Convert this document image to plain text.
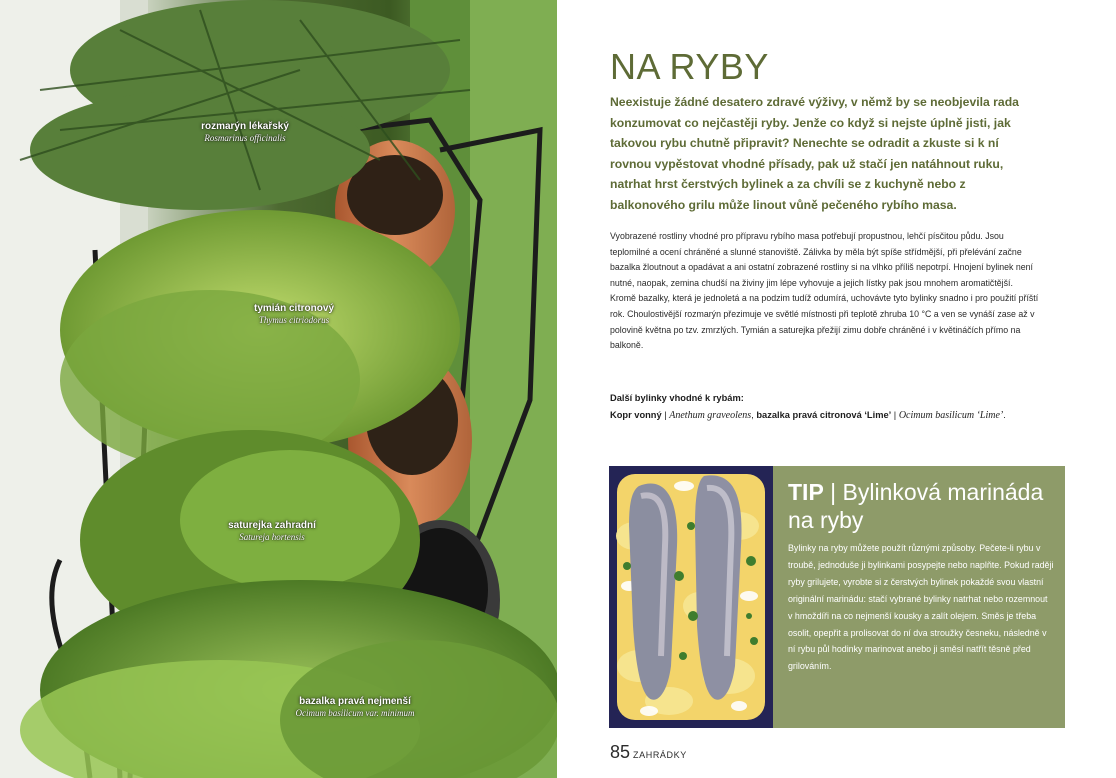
rozmarýn lékařský
Rosmarinus officinalis
tymián citronový
Thymus citriodorus
saturejka zahradní
Satureja hortensis
bazalka pravá nejmenší
Ocimum basilicum var. minimum
NA RYBY

Neexistuje žádné desatero zdravé výživy, v němž by se neobjevila rada konzumovat co nejčastěji ryby. Jenže co když si nejste úplně jisti, jak takovou rybu chutně připravit? Nenechte se odradit a zkuste si k ní rovnou vypěstovat vhodné přísady, pak už stačí jen natáhnout ruku, natrhat hrst čerstvých bylinek a za chvíli se z kuchyně nebo z balkonového grilu může linout vůně pečeného rybího masa.

Vyobrazené rostliny vhodné pro přípravu rybího masa potřebují propustnou, lehčí písčitou půdu. Jsou teplomilné a ocení chráněné a slunné stanoviště. Zálivka by měla být spíše střídmější, při přelévání začne bazalka žloutnout a opadávat a ani ostatní zobrazené rostliny si na vlhko příliš nepotrpí. Hnojení bylinek není nutné, naopak, zemina chudší na živiny jim lépe vyhovuje a jejich lístky pak jsou mnohem aromatičtější.

Kromě bazalky, která je jednoletá a na podzim tudíž odumírá, uchovávte tyto bylinky snadno i pro použití příští rok. Choulostivější rozmarýn přezimuje ve světlé místnosti při teplotě zhruba 10 °C a ven se vynáší zase až v polovině května po tzv. zmrzlých. Tymián a saturejka přežijí zimu dobře chráněné i v květináčích přímo na balkoně.

Další bylinky vhodné k rybám:
Kopr vonný | Anethum graveolens, bazalka pravá citronová ‘Lime’ | Ocimum basilicum ‘Lime’.
TIP | Bylinková marináda na ryby

Bylinky na ryby můžete použít různými způsoby. Pečete-li rybu v troubě, jednoduše ji bylinkami posypejte nebo naplňte. Pokud raději ryby grilujete, vyrobte si z čerstvých bylinek pokaždé svou vlastní originální marinádu: stačí vybrané bylinky natrhat nebo rozemnout v hmoždíři na co nejmenší kousky a zalít olejem. Směs je třeba osolit, opepřit a prolisovat do ní dva stroužky česneku, následně v ní rybu půl hodinky marinovat anebo ji směsí natřít těsně před grilováním.

85 ZAHRÁDKY
